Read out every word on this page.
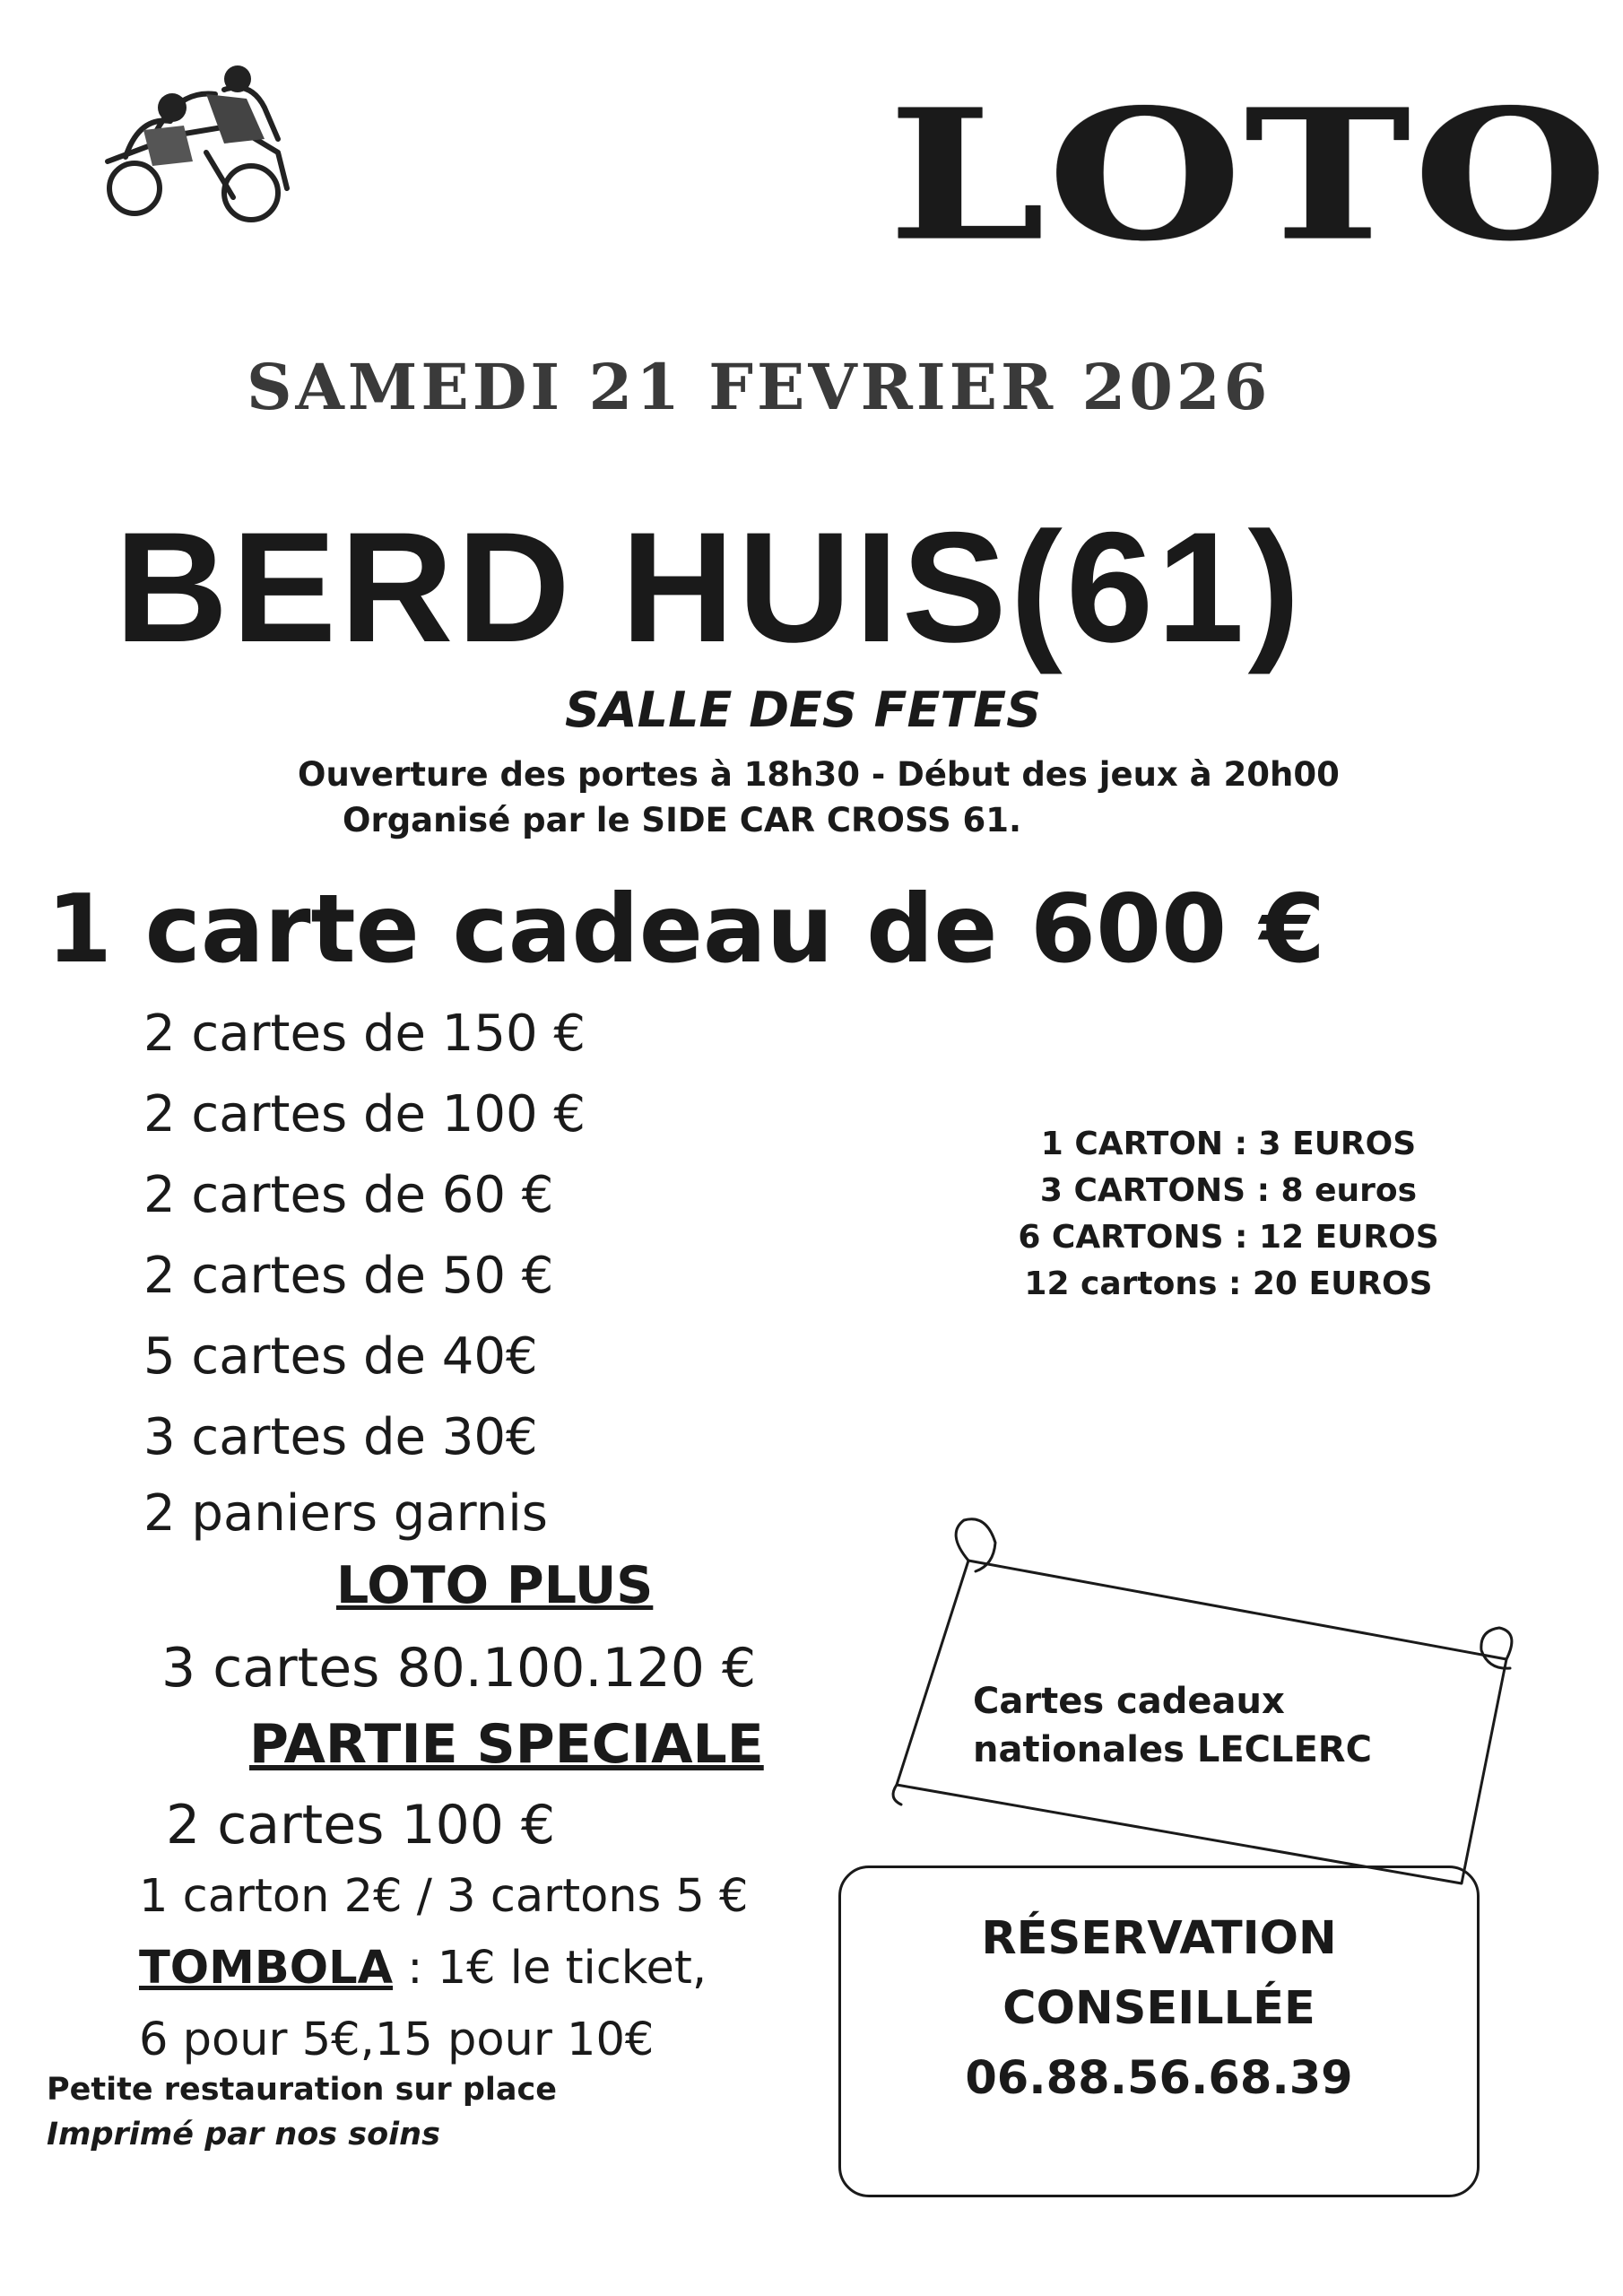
LOTO
SAMEDI 21 FEVRIER 2026
BERD HUIS(61)
SALLE DES FETES
Ouverture des portes à 18h30 - Début des jeux à 20h00
Organisé par le SIDE CAR CROSS 61.
1 carte cadeau de 600 €
2 cartes de 150 €
2 cartes de 100 €
2 cartes de 60 €
2 cartes de 50 €
5 cartes de 40€
3 cartes de 30€
2 paniers garnis
LOTO PLUS
3 cartes 80.100.120 €
PARTIE SPECIALE
2 cartes 100 €
1 carton 2€ / 3 cartons 5 €
TOMBOLA : 1€ le ticket,
6 pour 5€,15 pour 10€
Petite restauration sur place
Imprimé par nos soins
1 CARTON : 3 EUROS
3 CARTONS : 8 euros
6 CARTONS : 12 EUROS
12 cartons : 20 EUROS
Cartes cadeaux
nationales LECLERC
RÉSERVATION
CONSEILLÉE
06.88.56.68.39
